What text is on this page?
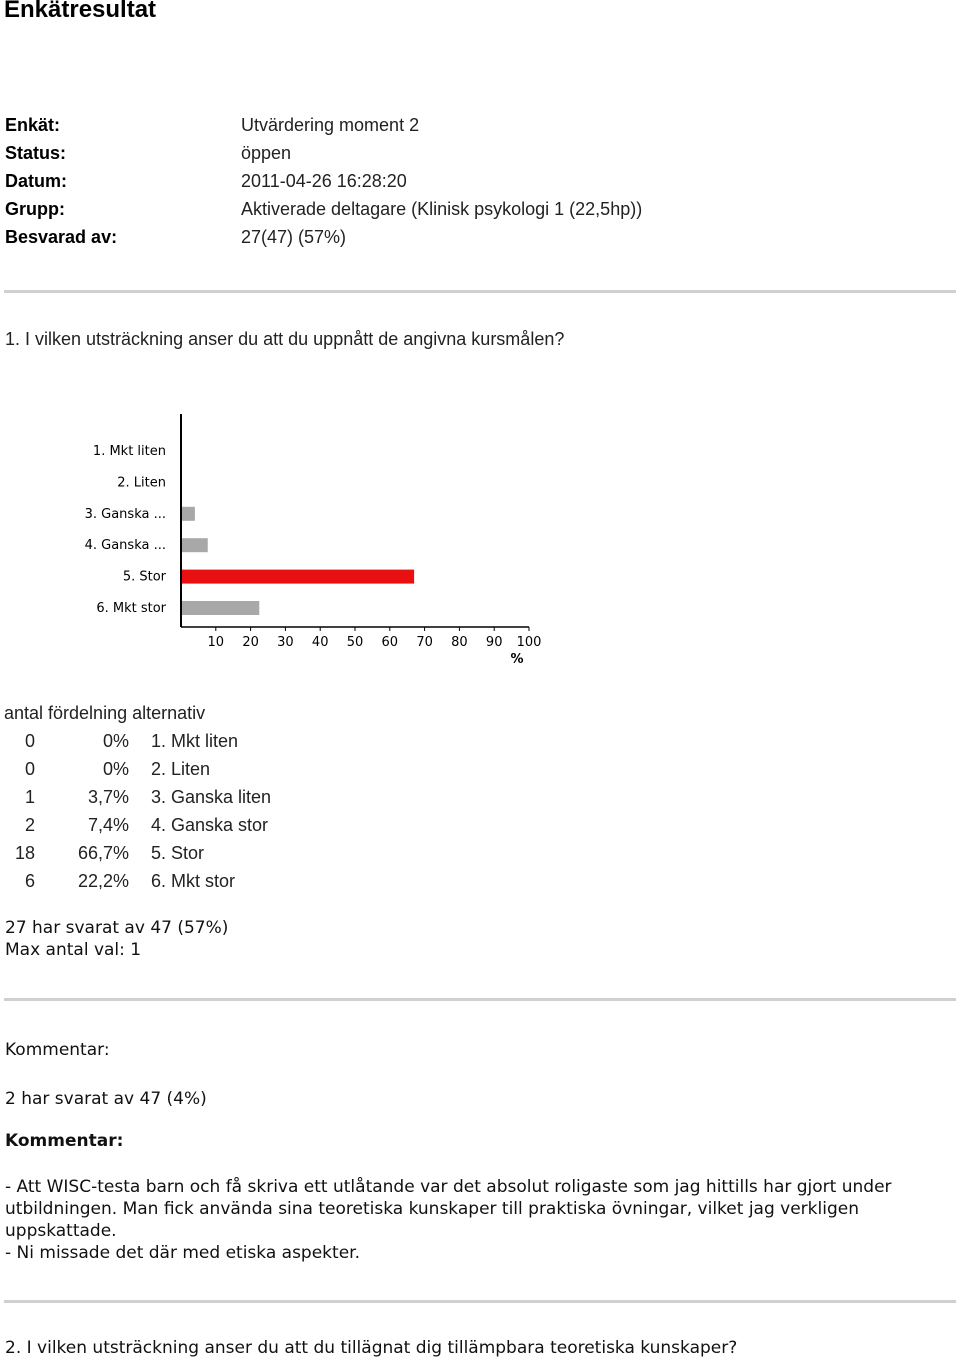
Enkätresultat
Enkät:	Utvärdering moment 2
Status:	öppen
Datum:	2011-04-26 16:28:20
Grupp:	Aktiverade deltagare (Klinisk psykologi 1 (22,5hp))
Besvarad av:	27(47) (57%)
1. I vilken utsträckning anser du att du uppnått de angivna kursmålen?
1. Mkt liten
2. Liten
3. Ganska ...
4. Ganska ...
5. Stor
6. Mkt stor
10 20 30 40 50 60 70 80 90 100
%
antal fördelning alternativ
0	0% 1. Mkt liten
0	0% 2. Liten
1	3,7% 3. Ganska liten
2	7,4% 4. Ganska stor
18	66,7% 5. Stor
6	22,2% 6. Mkt stor
27 har svarat av 47 (57%)
Max antal val: 1
Kommentar:
2 har svarat av 47 (4%)
Kommentar:
- Att WISC-testa barn och få skriva ett utlåtande var det absolut roligaste som jag hittills har gjort under
utbildningen. Man fick använda sina teoretiska kunskaper till praktiska övningar, vilket jag verkligen
uppskattade.
- Ni missade det där med etiska aspekter.
2. I vilken utsträckning anser du att du tillägnat dig tillämpbara teoretiska kunskaper?
